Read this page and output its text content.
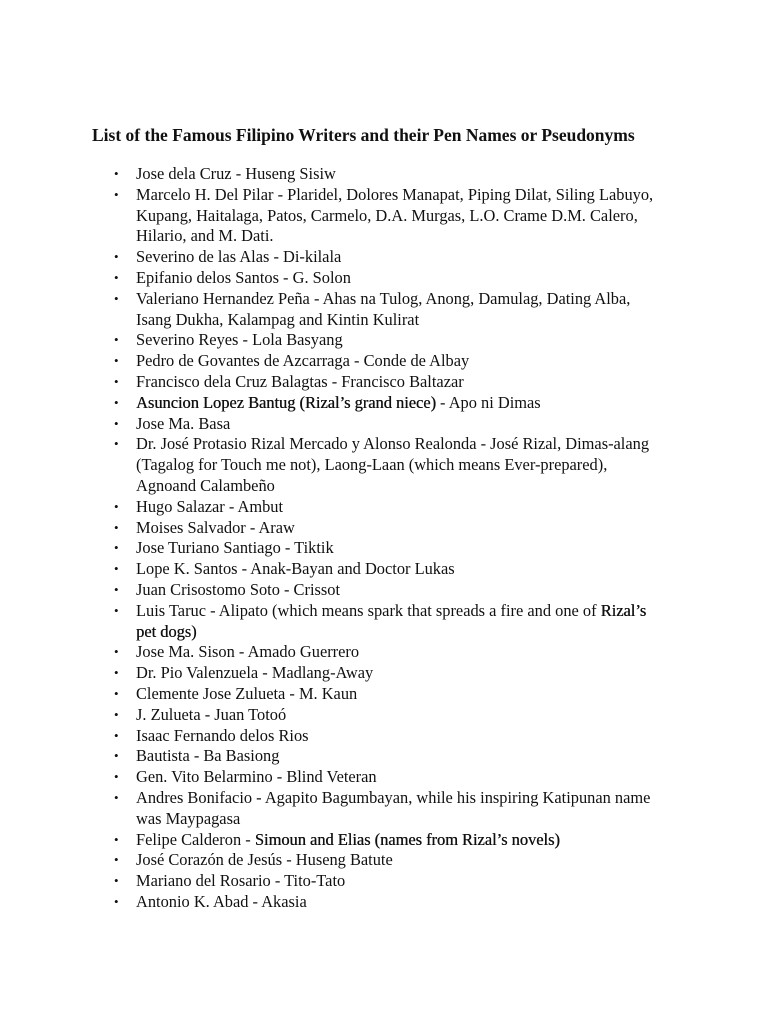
List of the Famous Filipino Writers and their Pen Names or Pseudonyms
• Jose dela Cruz - Huseng Sisiw
• Marcelo H. Del Pilar - Plaridel, Dolores Manapat, Piping Dilat, Siling Labuyo, Kupang, Haitalaga, Patos, Carmelo, D.A. Murgas, L.O. Crame D.M. Calero, Hilario, and M. Dati.
• Severino de las Alas - Di-kilala
• Epifanio delos Santos - G. Solon
• Valeriano Hernandez Peña - Ahas na Tulog, Anong, Damulag, Dating Alba, Isang Dukha, Kalampag and Kintin Kulirat
• Severino Reyes - Lola Basyang
• Pedro de Govantes de Azcarraga - Conde de Albay
• Francisco dela Cruz Balagtas - Francisco Baltazar
• Asuncion Lopez Bantug (Rizal’s grand niece) - Apo ni Dimas
• Jose Ma. Basa
• Dr. José Protasio Rizal Mercado y Alonso Realonda - José Rizal, Dimas-alang (Tagalog for Touch me not), Laong-Laan (which means Ever-prepared), Agnoand Calambeño
• Hugo Salazar - Ambut
• Moises Salvador - Araw
• Jose Turiano Santiago - Tiktik
• Lope K. Santos - Anak-Bayan and Doctor Lukas
• Juan Crisostomo Soto - Crissot
• Luis Taruc - Alipato (which means spark that spreads a fire and one of Rizal’s pet dogs)
• Jose Ma. Sison - Amado Guerrero
• Dr. Pio Valenzuela - Madlang-Away
• Clemente Jose Zulueta - M. Kaun
• J. Zulueta - Juan Totoó
• Isaac Fernando delos Rios
• Bautista - Ba Basiong
• Gen. Vito Belarmino - Blind Veteran
• Andres Bonifacio - Agapito Bagumbayan, while his inspiring Katipunan name was Maypagasa
• Felipe Calderon - Simoun and Elias (names from Rizal’s novels)
• José Corazón de Jesús - Huseng Batute
• Mariano del Rosario - Tito-Tato
• Antonio K. Abad - Akasia
